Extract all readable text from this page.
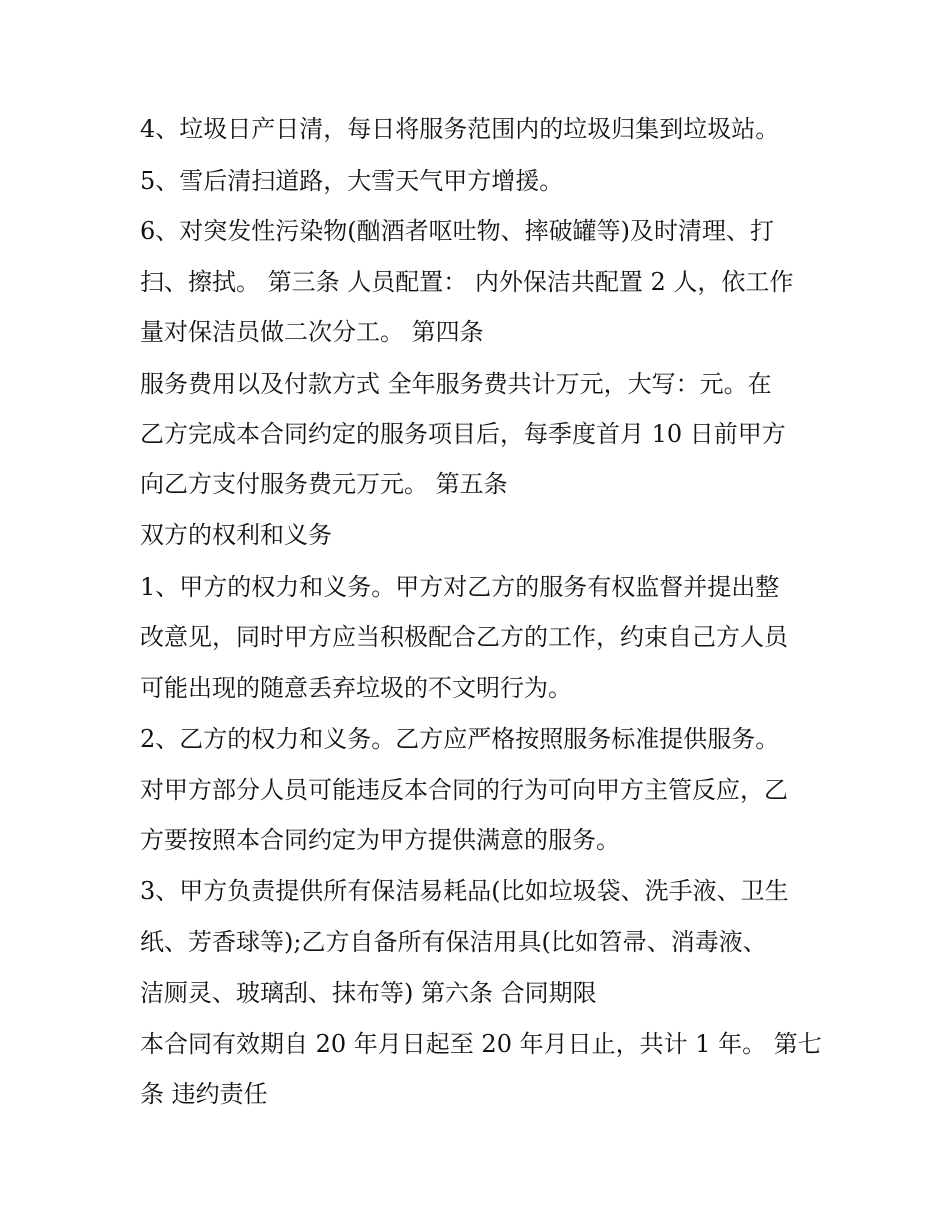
4、垃圾日产日清，每日将服务范围内的垃圾归集到垃圾站。
5、雪后清扫道路，大雪天气甲方增援。
6、对突发性污染物(酗酒者呕吐物、摔破罐等)及时清理、打
扫、擦拭。 第三条 人员配置： 内外保洁共配置 2 人，依工作
量对保洁员做二次分工。 第四条
服务费用以及付款方式 全年服务费共计万元，大写：元。在
乙方完成本合同约定的服务项目后，每季度首月 10 日前甲方
向乙方支付服务费元万元。 第五条
双方的权利和义务
1、甲方的权力和义务。甲方对乙方的服务有权监督并提出整
改意见，同时甲方应当积极配合乙方的工作，约束自己方人员
可能出现的随意丢弃垃圾的不文明行为。
2、乙方的权力和义务。乙方应严格按照服务标准提供服务。
对甲方部分人员可能违反本合同的行为可向甲方主管反应，乙
方要按照本合同约定为甲方提供满意的服务。
3、甲方负责提供所有保洁易耗品(比如垃圾袋、洗手液、卫生
纸、芳香球等);乙方自备所有保洁用具(比如笤帚、消毒液、
洁厕灵、玻璃刮、抹布等) 第六条 合同期限
本合同有效期自 20 年月日起至 20 年月日止，共计 1 年。 第七
条 违约责任
